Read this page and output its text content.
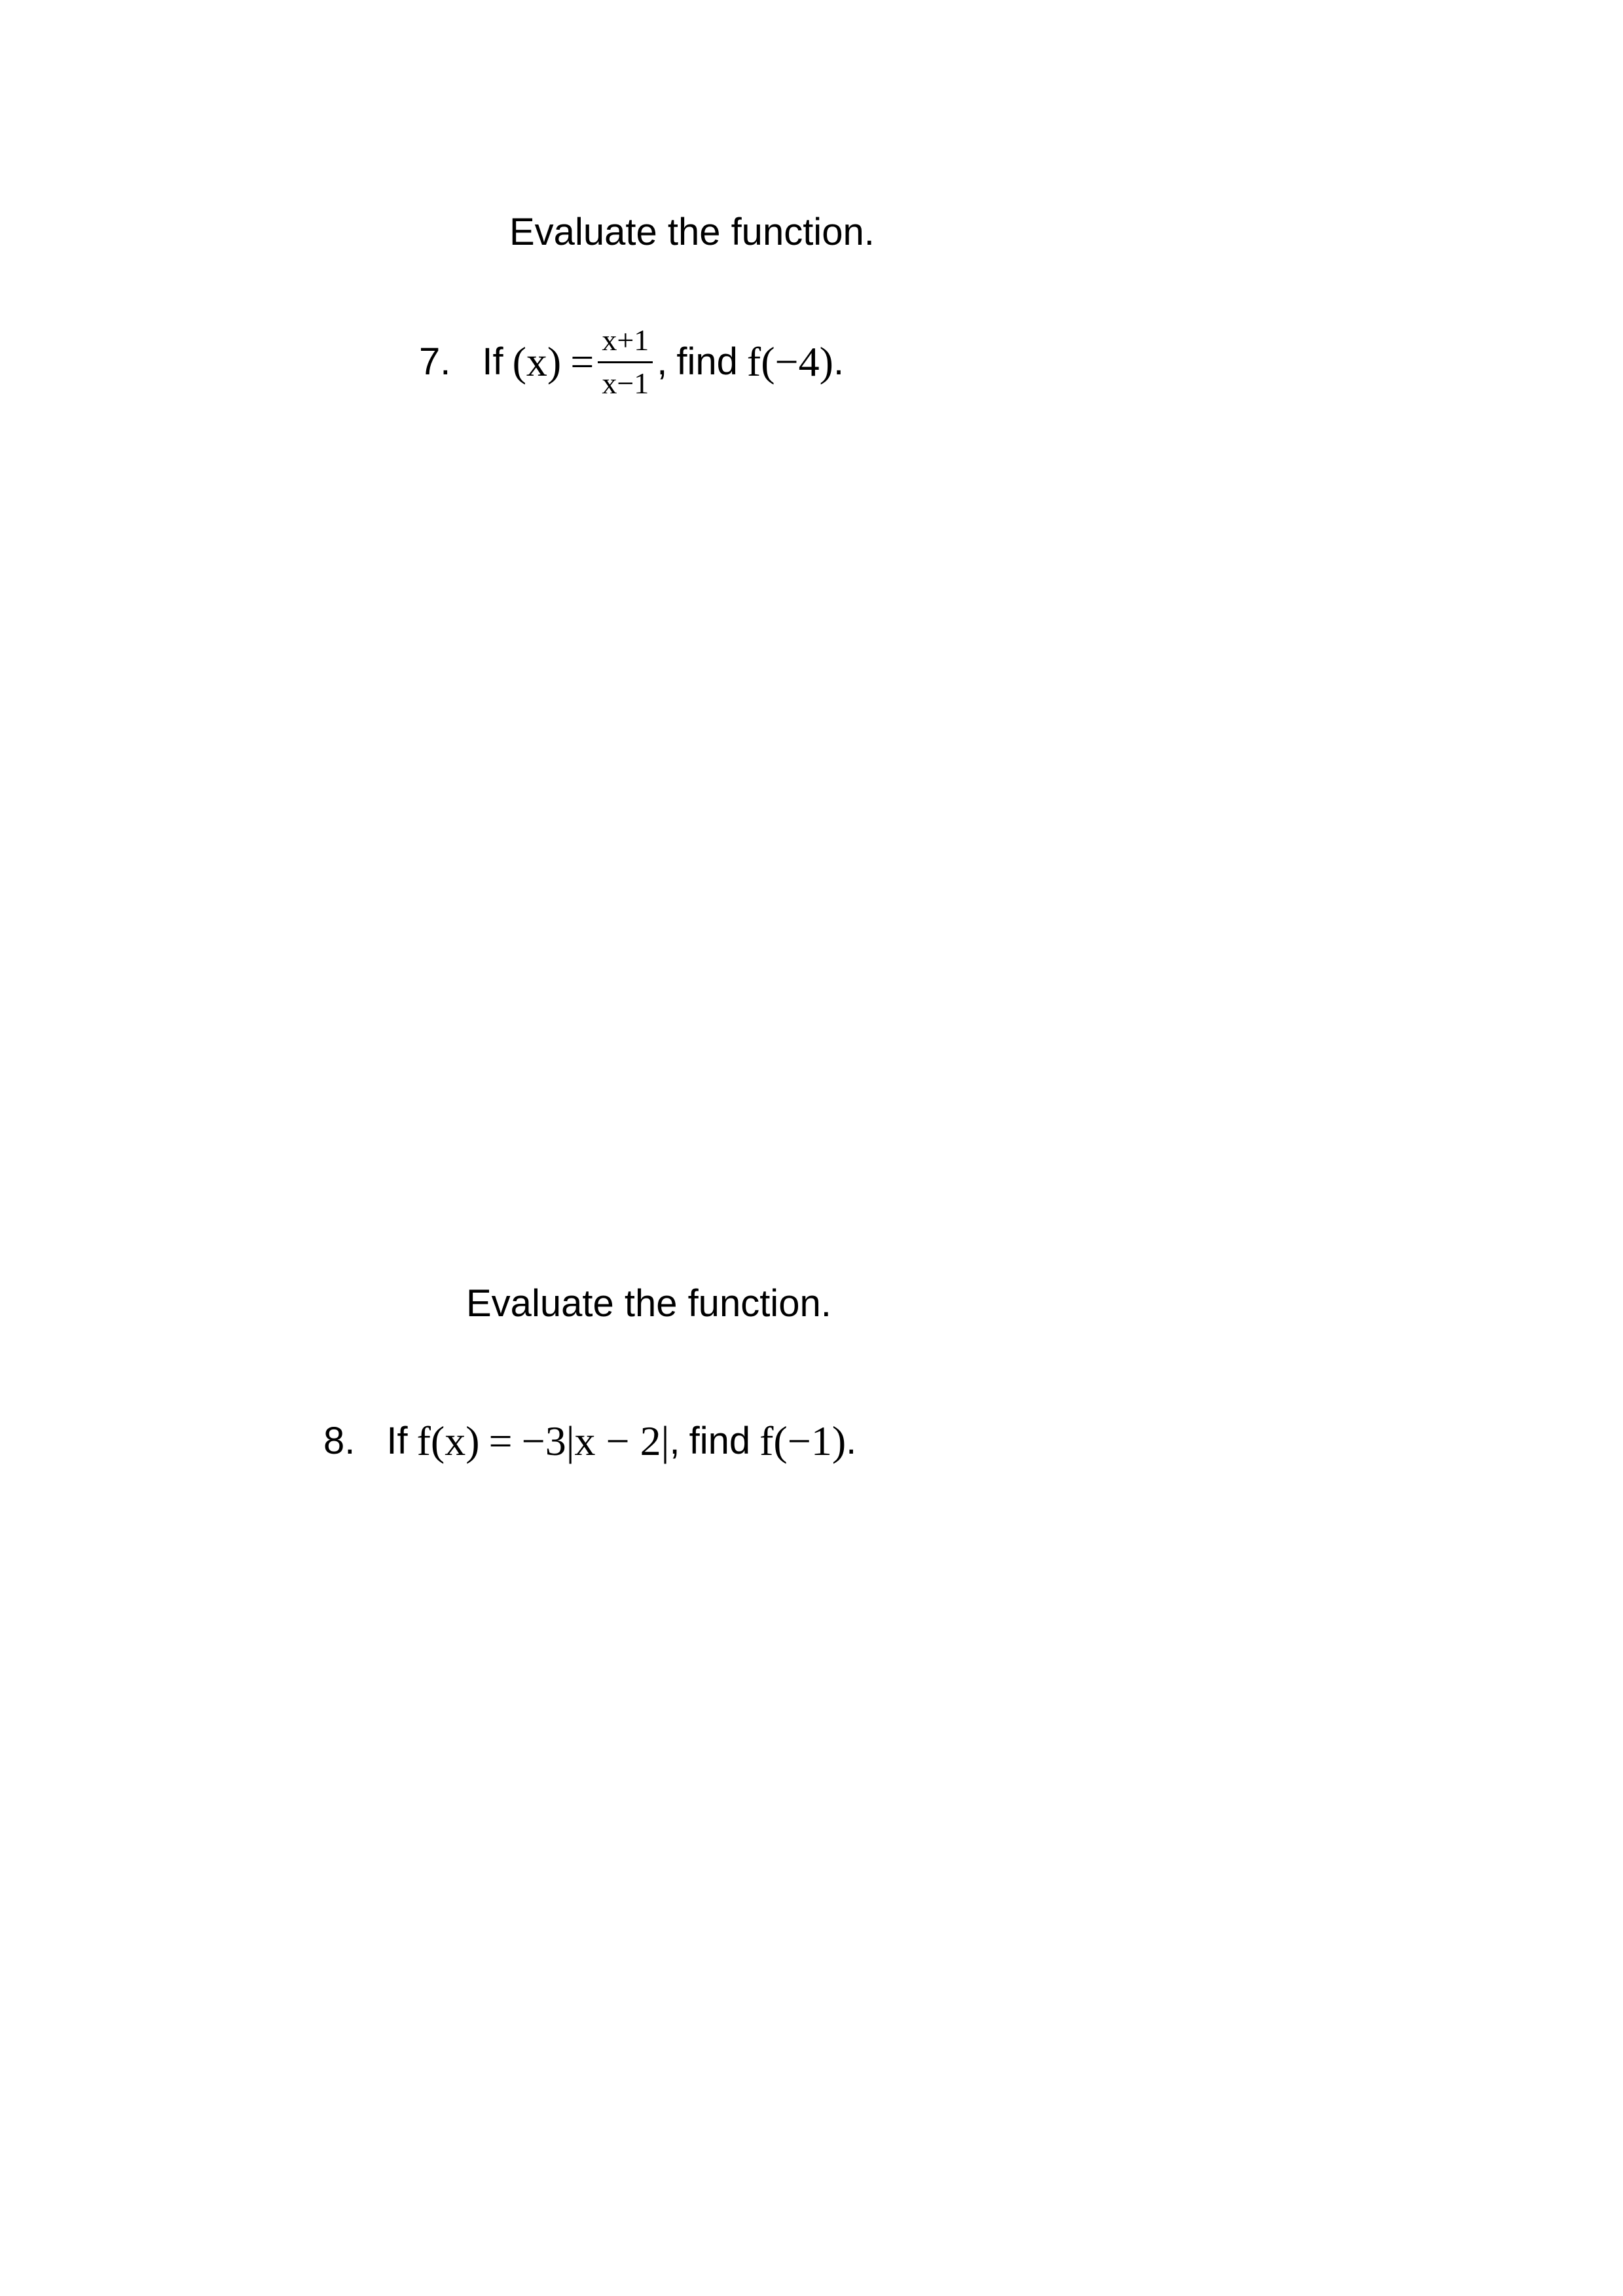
Evaluate the function.
7. If $(x) = \frac{x+1}{x-1}$ , find f(−4) .
Evaluate the function.
8. If f(x) = −3|x − 2| , find f(−1) .
